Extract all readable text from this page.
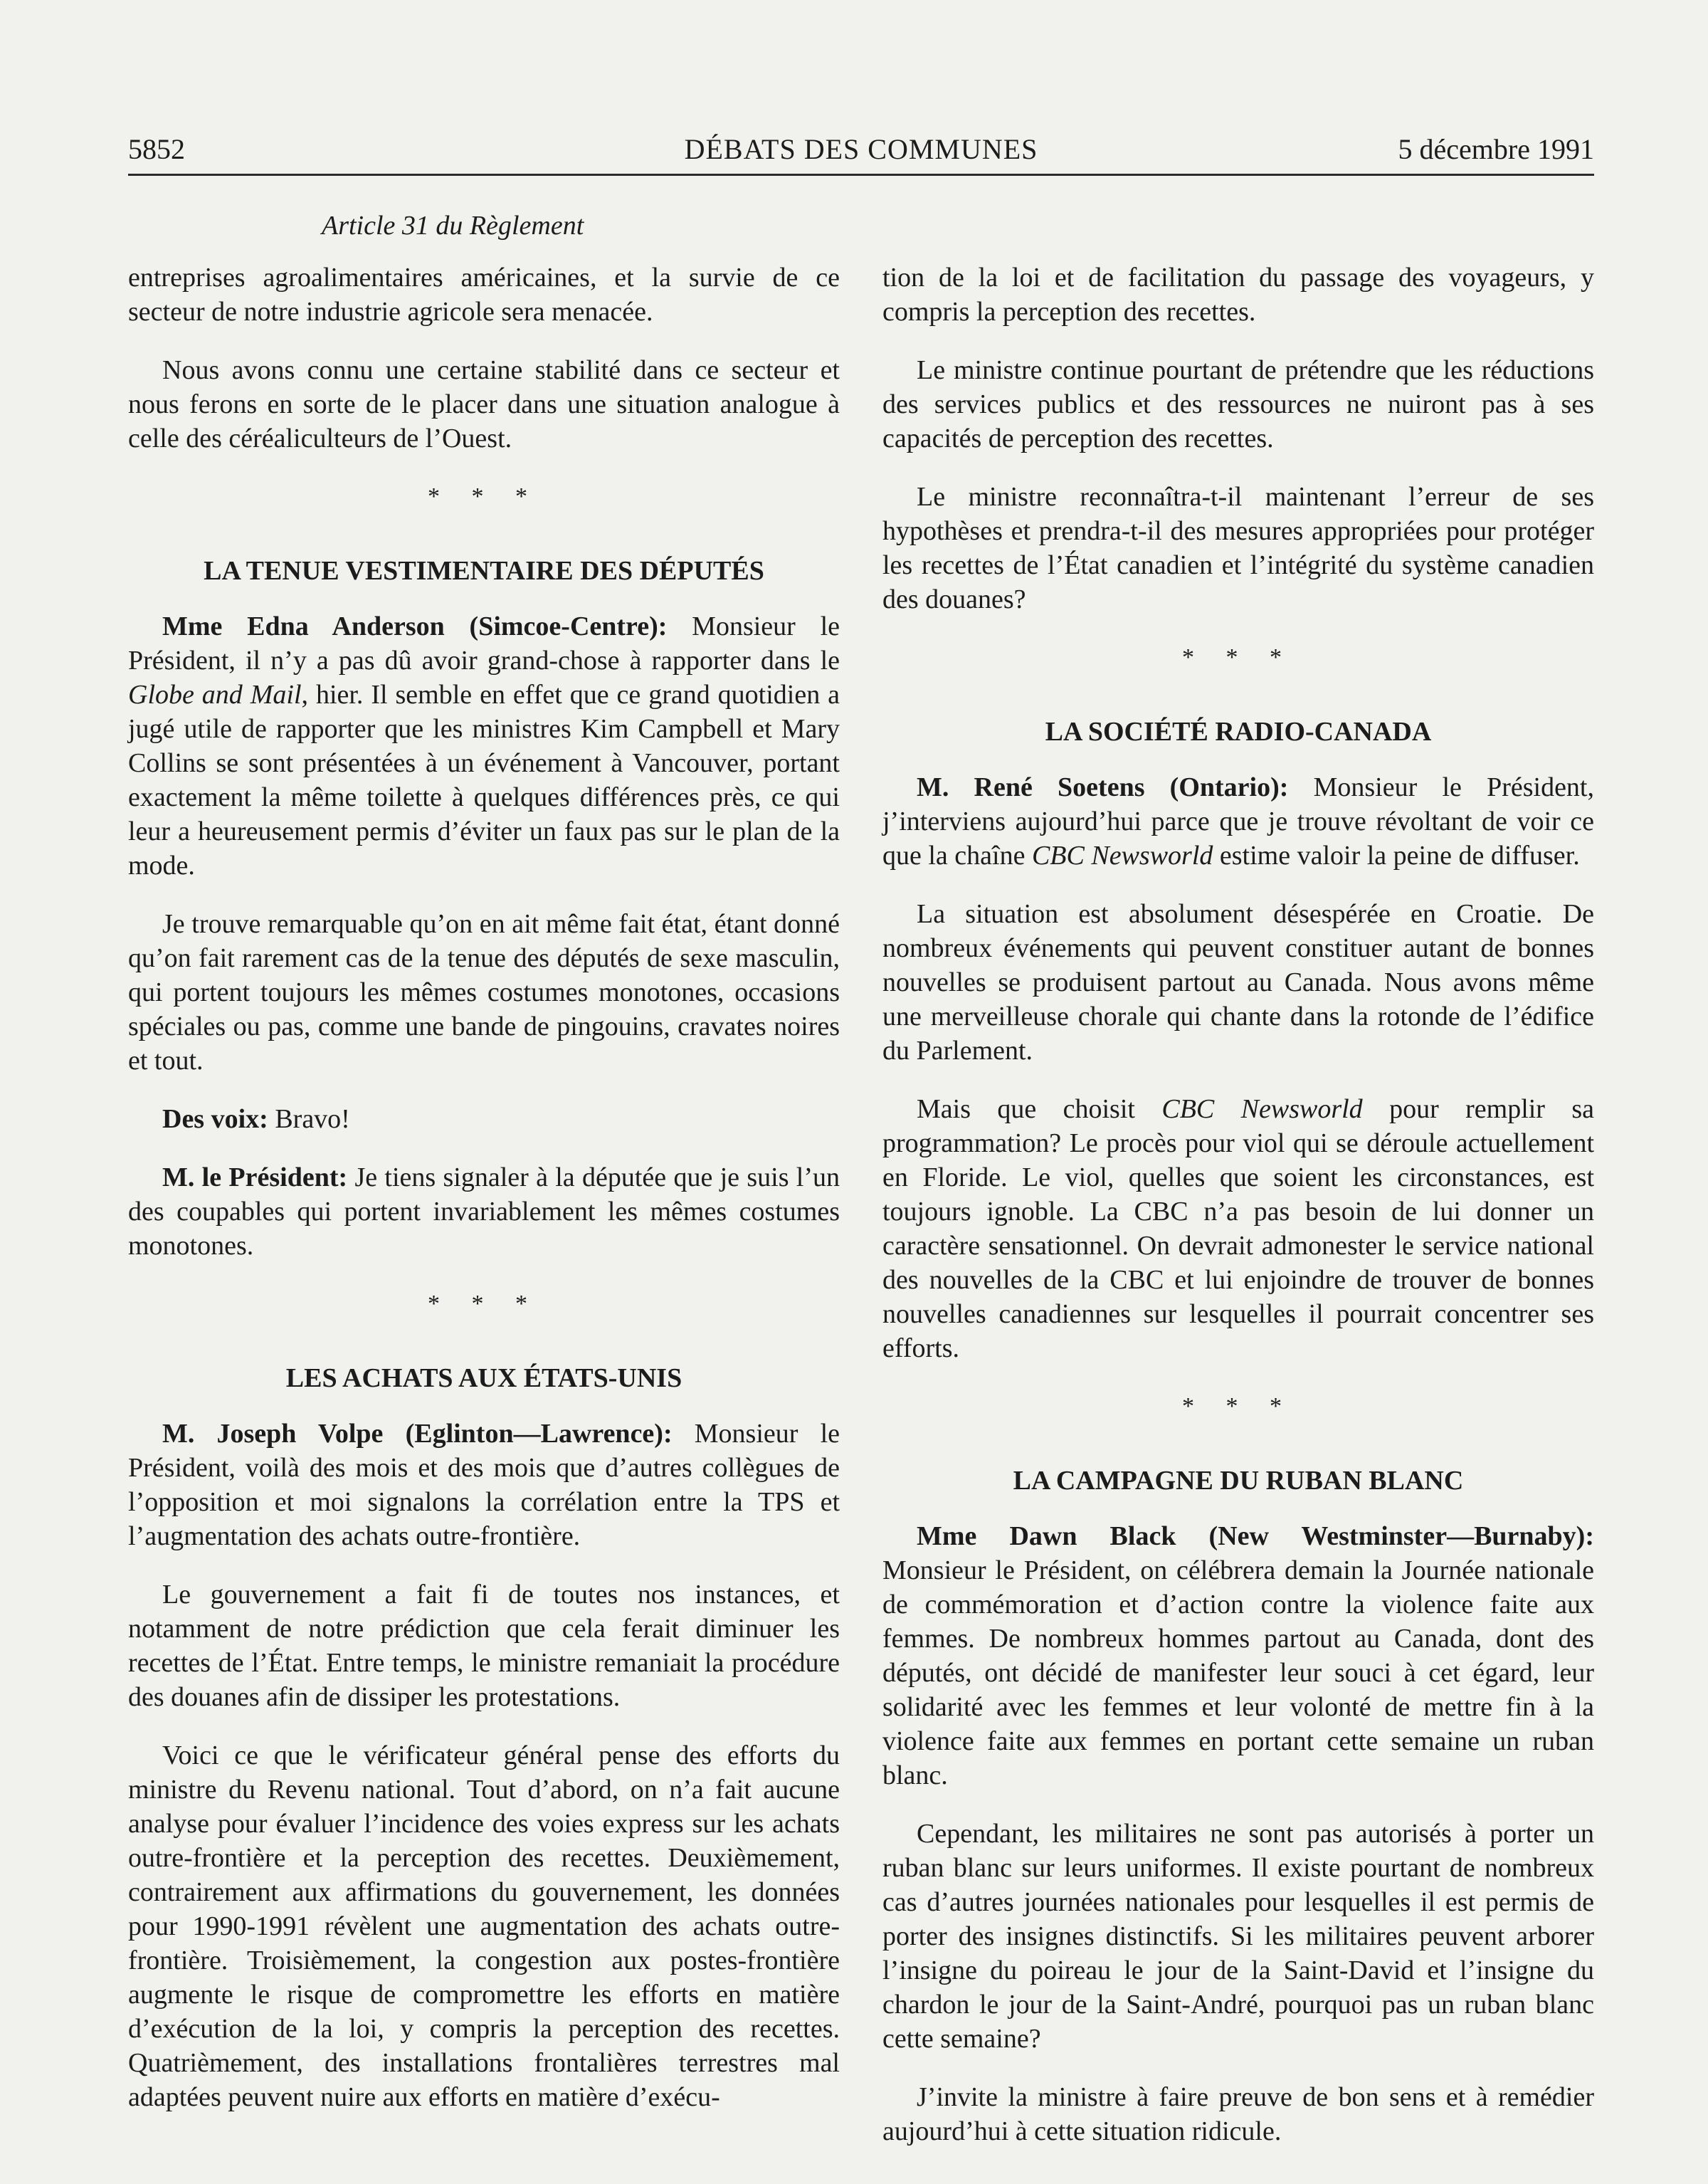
5852	DÉBATS DES COMMUNES	5 décembre 1991
Article 31 du Règlement

entreprises agroalimentaires américaines, et la survie de ce secteur de notre industrie agricole sera menacée.

Nous avons connu une certaine stabilité dans ce secteur et nous ferons en sorte de le placer dans une situation analogue à celle des céréaliculteurs de l’Ouest.

* * *
LA TENUE VESTIMENTAIRE DES DÉPUTÉS

Mme Edna Anderson (Simcoe-Centre): Monsieur le Président, il n’y a pas dû avoir grand-chose à rapporter dans le Globe and Mail, hier. Il semble en effet que ce grand quotidien a jugé utile de rapporter que les ministres Kim Campbell et Mary Collins se sont présentées à un événement à Vancouver, portant exactement la même toilette à quelques différences près, ce qui leur a heureusement permis d’éviter un faux pas sur le plan de la mode.

Je trouve remarquable qu’on en ait même fait état, étant donné qu’on fait rarement cas de la tenue des députés de sexe masculin, qui portent toujours les mêmes costumes monotones, occasions spéciales ou pas, comme une bande de pingouins, cravates noires et tout.

Des voix: Bravo!

M. le Président: Je tiens signaler à la députée que je suis l’un des coupables qui portent invariablement les mêmes costumes monotones.

* * *
LES ACHATS AUX ÉTATS-UNIS

M. Joseph Volpe (Eglinton—Lawrence): Monsieur le Président, voilà des mois et des mois que d’autres collègues de l’opposition et moi signalons la corrélation entre la TPS et l’augmentation des achats outre-frontière.

Le gouvernement a fait fi de toutes nos instances, et notamment de notre prédiction que cela ferait diminuer les recettes de l’État. Entre temps, le ministre remaniait la procédure des douanes afin de dissiper les protestations.

Voici ce que le vérificateur général pense des efforts du ministre du Revenu national. Tout d’abord, on n’a fait aucune analyse pour évaluer l’incidence des voies express sur les achats outre-frontière et la perception des recettes. Deuxièmement, contrairement aux affirmations du gouvernement, les données pour 1990-1991 révèlent une augmentation des achats outre-frontière. Troisièmement, la congestion aux postes-frontière augmente le risque de compromettre les efforts en matière d’exécution de la loi, y compris la perception des recettes. Quatrièmement, des installations frontalières terrestres mal adaptées peuvent nuire aux efforts en matière d’exécu-

tion de la loi et de facilitation du passage des voyageurs, y compris la perception des recettes.

Le ministre continue pourtant de prétendre que les réductions des services publics et des ressources ne nuiront pas à ses capacités de perception des recettes.

Le ministre reconnaîtra-t-il maintenant l’erreur de ses hypothèses et prendra-t-il des mesures appropriées pour protéger les recettes de l’État canadien et l’intégrité du système canadien des douanes?

* * *
LA SOCIÉTÉ RADIO-CANADA

M. René Soetens (Ontario): Monsieur le Président, j’interviens aujourd’hui parce que je trouve révoltant de voir ce que la chaîne CBC Newsworld estime valoir la peine de diffuser.

La situation est absolument désespérée en Croatie. De nombreux événements qui peuvent constituer autant de bonnes nouvelles se produisent partout au Canada. Nous avons même une merveilleuse chorale qui chante dans la rotonde de l’édifice du Parlement.

Mais que choisit CBC Newsworld pour remplir sa programmation? Le procès pour viol qui se déroule actuellement en Floride. Le viol, quelles que soient les circonstances, est toujours ignoble. La CBC n’a pas besoin de lui donner un caractère sensationnel. On devrait admonester le service national des nouvelles de la CBC et lui enjoindre de trouver de bonnes nouvelles canadiennes sur lesquelles il pourrait concentrer ses efforts.

* * *
LA CAMPAGNE DU RUBAN BLANC

Mme Dawn Black (New Westminster—Burnaby): Monsieur le Président, on célébrera demain la Journée nationale de commémoration et d’action contre la violence faite aux femmes. De nombreux hommes partout au Canada, dont des députés, ont décidé de manifester leur souci à cet égard, leur solidarité avec les femmes et leur volonté de mettre fin à la violence faite aux femmes en portant cette semaine un ruban blanc.

Cependant, les militaires ne sont pas autorisés à porter un ruban blanc sur leurs uniformes. Il existe pourtant de nombreux cas d’autres journées nationales pour lesquelles il est permis de porter des insignes distinctifs. Si les militaires peuvent arborer l’insigne du poireau le jour de la Saint-David et l’insigne du chardon le jour de la Saint-André, pourquoi pas un ruban blanc cette semaine?

J’invite la ministre à faire preuve de bon sens et à remédier aujourd’hui à cette situation ridicule.
